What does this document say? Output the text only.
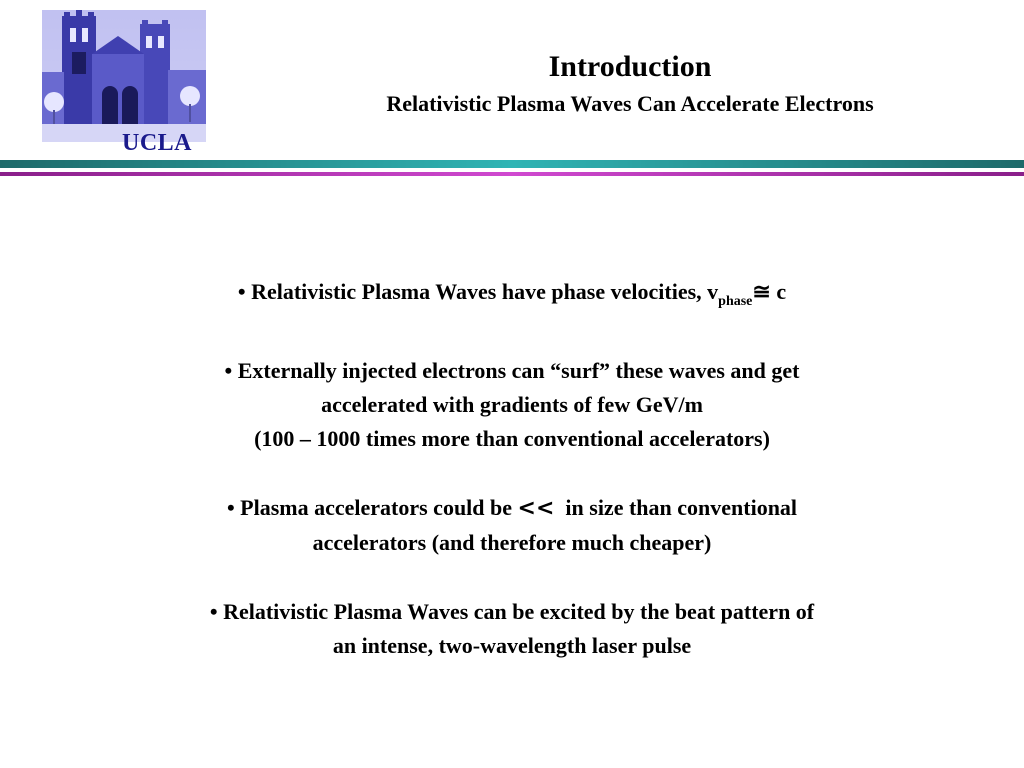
UCLA
Introduction
Relativistic Plasma Waves Can Accelerate Electrons

• Relativistic Plasma Waves have phase velocities, $v_{phase}≅$ c

• Externally injected electrons can “surf” these waves and get

accelerated with gradients of few GeV/m

(100 – 1000 times more than conventional accelerators)

• Plasma accelerators could be <<  in size than conventional

accelerators (and therefore much cheaper)

• Relativistic Plasma Waves can be excited by the beat pattern of

an intense, two-wavelength laser pulse
